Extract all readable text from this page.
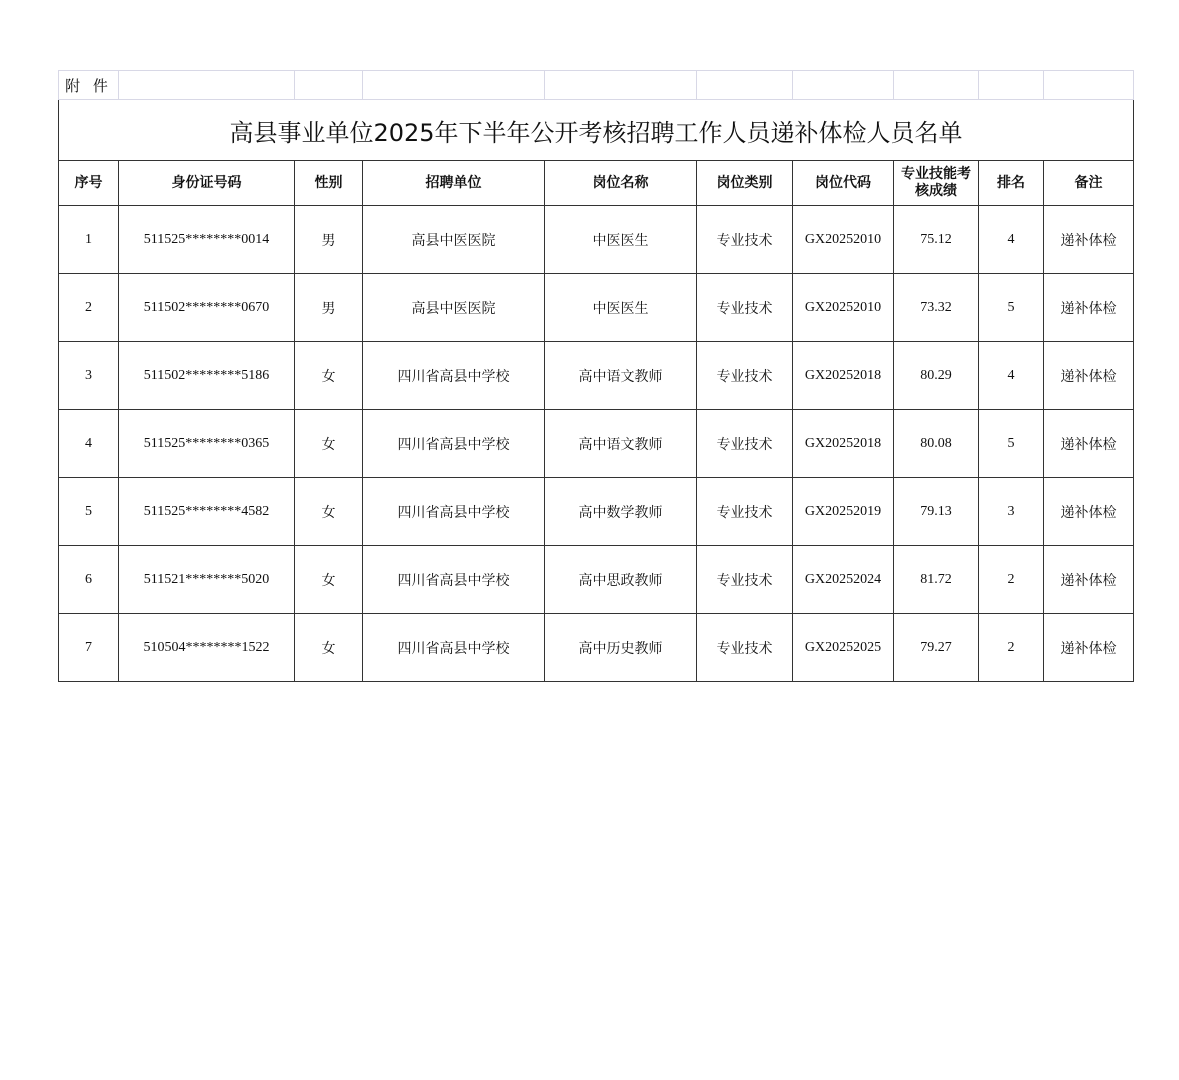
附 件									
高县事业单位2025年下半年公开考核招聘工作人员递补体检人员名单									
序号	身份证号码	性别	招聘单位	岗位名称	岗位类别	岗位代码	专业技能考核成绩	排名	备注
1	511525********0014	男	高县中医医院	中医医生	专业技术	GX20252010	75.12	4	递补体检
2	511502********0670	男	高县中医医院	中医医生	专业技术	GX20252010	73.32	5	递补体检
3	511502********5186	女	四川省高县中学校	高中语文教师	专业技术	GX20252018	80.29	4	递补体检
4	511525********0365	女	四川省高县中学校	高中语文教师	专业技术	GX20252018	80.08	5	递补体检
5	511525********4582	女	四川省高县中学校	高中数学教师	专业技术	GX20252019	79.13	3	递补体检
6	511521********5020	女	四川省高县中学校	高中思政教师	专业技术	GX20252024	81.72	2	递补体检
7	510504********1522	女	四川省高县中学校	高中历史教师	专业技术	GX20252025	79.27	2	递补体检
